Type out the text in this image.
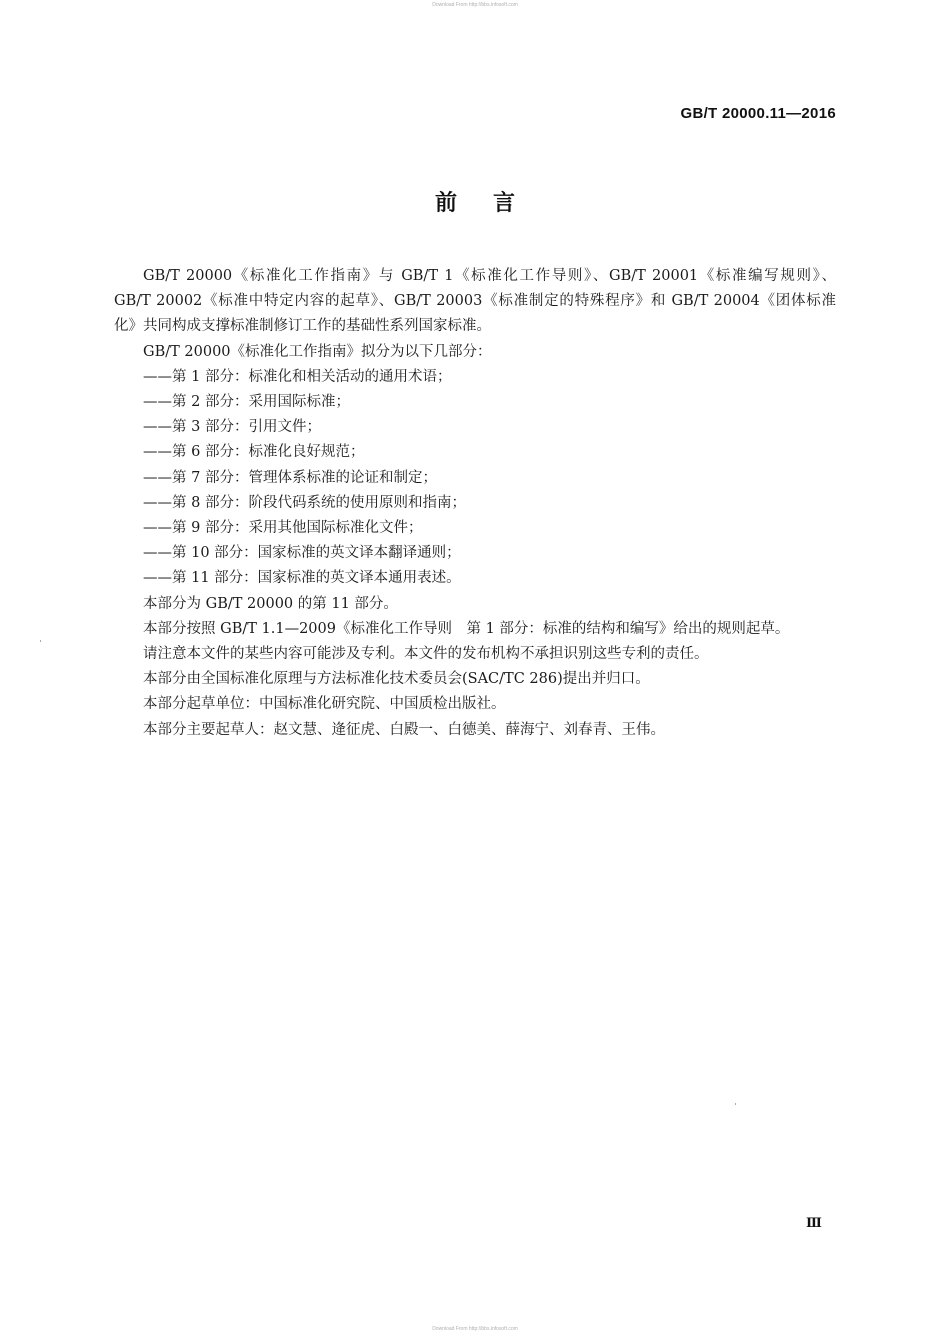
Download From http://bbs.infosoft.com
GB/T 20000.11—2016
前言

GB/T 20000《标准化工作指南》与 GB/T 1《标准化工作导则》、GB/T 20001《标准编写规则》、

GB/T 20002《标准中特定内容的起草》、GB/T 20003《标准制定的特殊程序》和 GB/T 20004《团体标准

化》共同构成支撑标准制修订工作的基础性系列国家标准。

GB/T 20000《标准化工作指南》拟分为以下几部分：

——第 1 部分：标准化和相关活动的通用术语；

——第 2 部分：采用国际标准；

——第 3 部分：引用文件；

——第 6 部分：标准化良好规范；

——第 7 部分：管理体系标准的论证和制定；

——第 8 部分：阶段代码系统的使用原则和指南；

——第 9 部分：采用其他国际标准化文件；

——第 10 部分：国家标准的英文译本翻译通则；

——第 11 部分：国家标准的英文译本通用表述。

本部分为 GB/T 20000 的第 11 部分。

本部分按照 GB/T 1.1—2009《标准化工作导则　第 1 部分：标准的结构和编写》给出的规则起草。

请注意本文件的某些内容可能涉及专利。本文件的发布机构不承担识别这些专利的责任。

本部分由全国标准化原理与方法标准化技术委员会(SAC/TC 286)提出并归口。

本部分起草单位：中国标准化研究院、中国质检出版社。

本部分主要起草人：赵文慧、逄征虎、白殿一、白德美、薛海宁、刘春青、王伟。

Ⅲ
Download From http://bbs.infosoft.com
